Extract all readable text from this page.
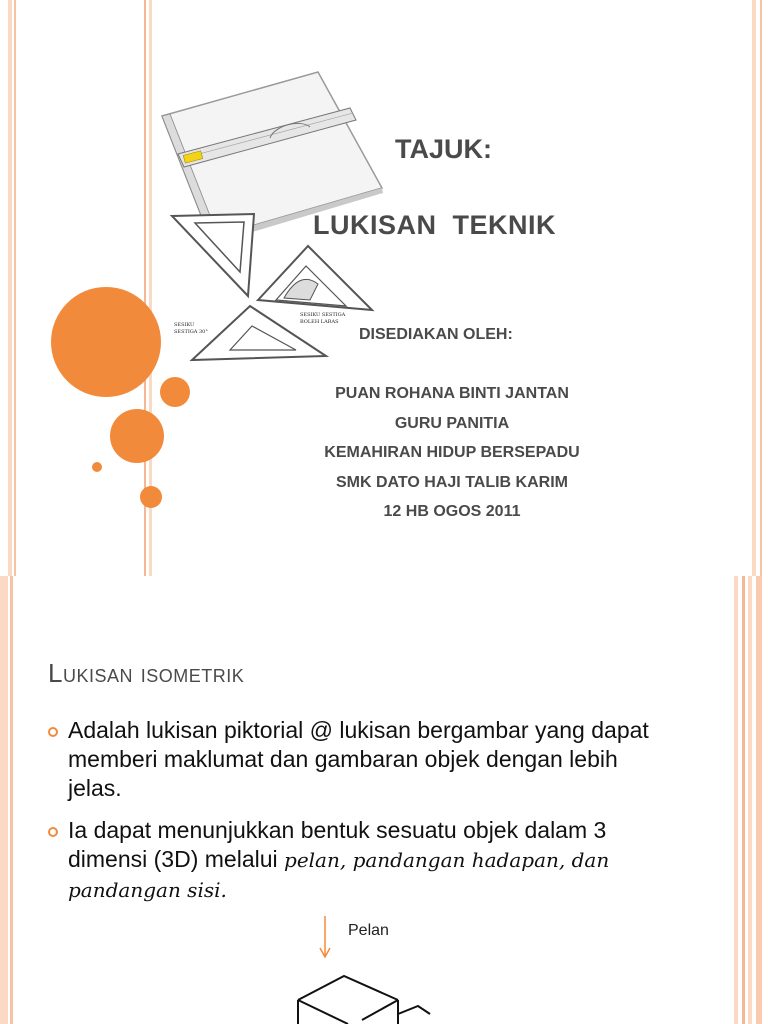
SESIKU SESTIGA
BOLEH LARAS
SESIKU
SESTIGA 30°
TAJUK:
LUKISAN  TEKNIK
DISEDIAKAN OLEH:
PUAN ROHANA BINTI JANTAN
GURU PANITIA
KEMAHIRAN HIDUP BERSEPADU
SMK DATO HAJI TALIB KARIM
12 HB OGOS 2011
Lukisan isometrik
Adalah lukisan piktorial @ lukisan bergambar yang dapat memberi maklumat dan gambaran objek dengan lebih jelas.
Ia dapat menunjukkan bentuk sesuatu objek dalam 3 dimensi (3D) melalui pelan, pandangan hadapan, dan pandangan sisi.
Pelan
